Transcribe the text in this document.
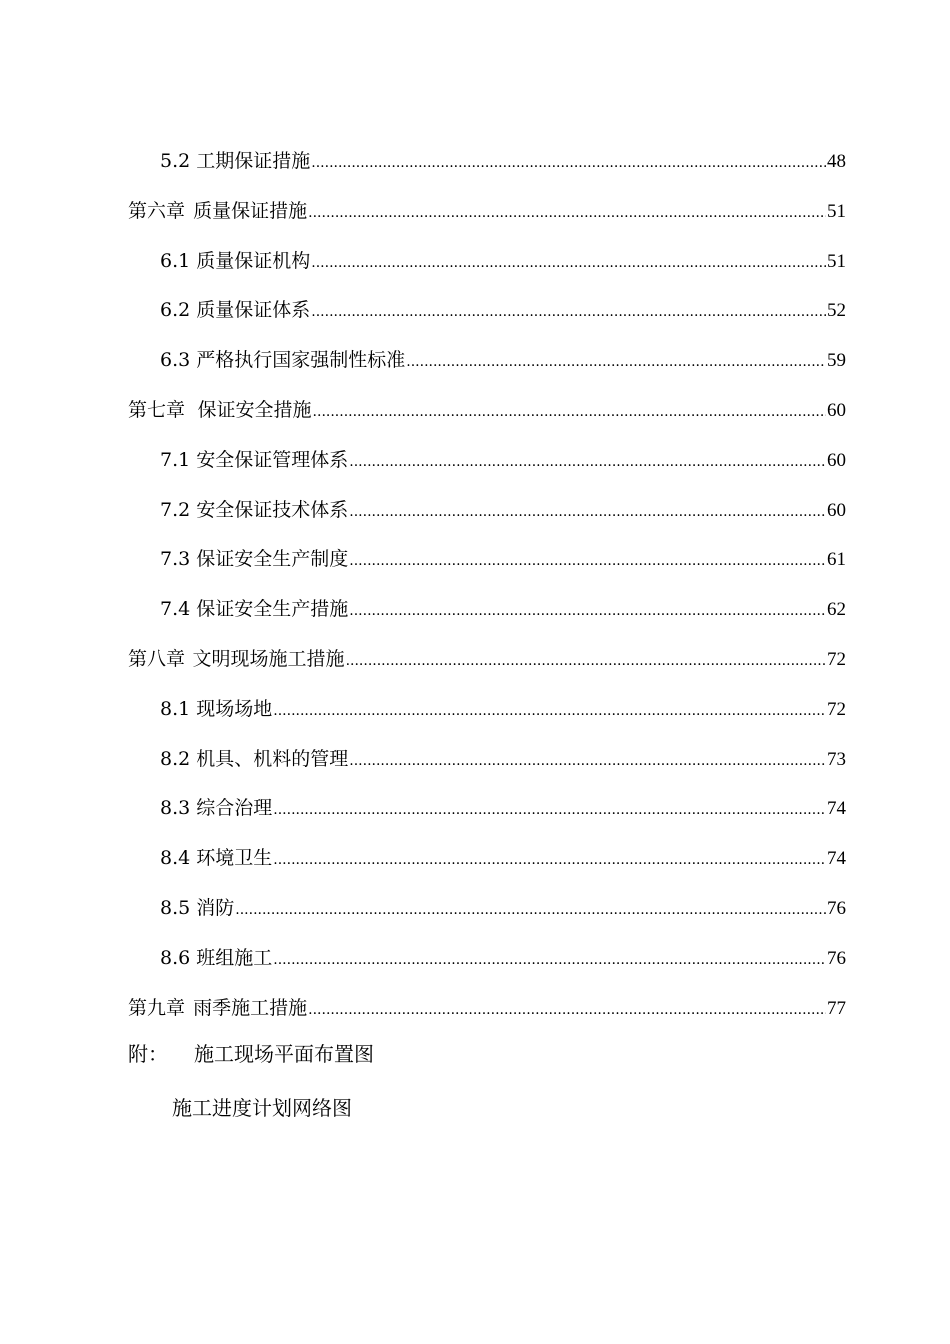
5.2 工期保证措施 .....	48
第六章 质量保证措施 .....	51
6.1 质量保证机构 .....	51
6.2 质量保证体系 .....	52
6.3 严格执行国家强制性标准 .....	59
第七章 保证安全措施 .....	60
7.1 安全保证管理体系 .....	60
7.2 安全保证技术体系 .....	60
7.3 保证安全生产制度 .....	61
7.4 保证安全生产措施 .....	62
第八章 文明现场施工措施 .....	72
8.1 现场场地 .....	72
8.2 机具、机料的管理 .....	73
8.3 综合治理 .....	74
8.4 环境卫生 .....	74
8.5 消防 .....	76
8.6 班组施工 .....	76
第九章 雨季施工措施 .....	77
附： 施工现场平面布置图
施工进度计划网络图
